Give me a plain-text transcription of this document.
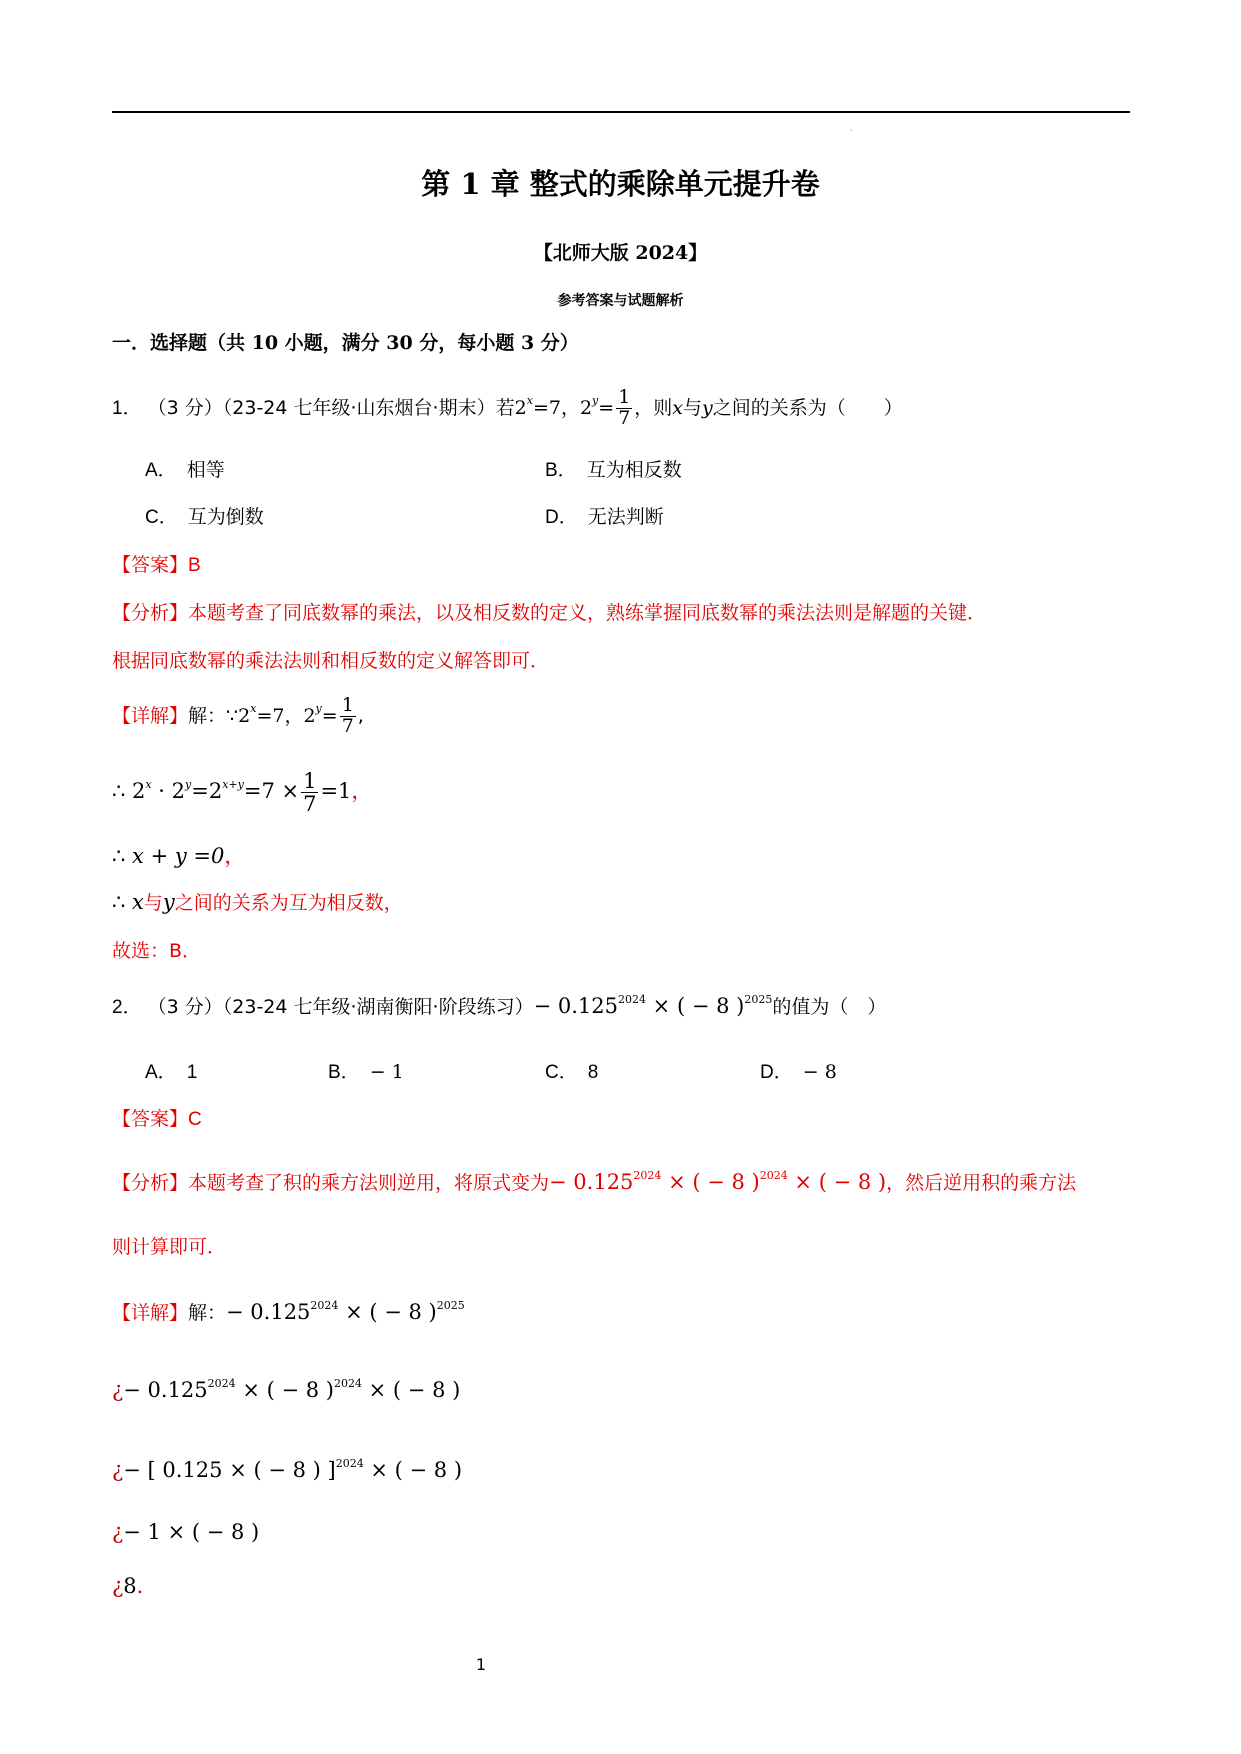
·
第 1 章 整式的乘除单元提升卷
【北师大版 2024】
参考答案与试题解析
一．选择题（共 10 小题，满分 30 分，每小题 3 分）
1． （3 分）（23-24 七年级·山东烟台·期末）若$2^x=7$，$2^y= \frac{1}{7}$ ，则x与y之间的关系为（　　）
A． 相等	B． 互为相反数
C． 互为倒数	D． 无法判断
【答案】B
【分析】本题考查了同底数幂的乘法，以及相反数的定义，熟练掌握同底数幂的乘法法则是解题的关键．
根据同底数幂的乘法法则和相反数的定义解答即可．
【详解】解：$\because 2^x=7$，$2^y= \frac{1}{7}$ ,
∴ $2^x \cdot 2^y=2^{x+y}=7 \times \frac{1}{7} =1$，
∴ x + y =0，
∴ x与y之间的关系为互为相反数，
故选：B．
2． （3 分）（23-24 七年级·湖南衡阳·阶段练习）− $0.125^{2024}$ × ( − 8 )$^{2025}$的值为（　）
A． 1	B． − 1	C． 8	D． − 8
【答案】C
【分析】本题考查了积的乘方法则逆用，将原式变为− $0.125^{2024}$ × ( − 8 )$^{2024}$ × ( − 8 )，然后逆用积的乘方法
则计算即可．
【详解】解：− $0.125^{2024}$ × ( − 8 )$^{2025}$
¿− $0.125^{2024}$ × ( − 8 )$^{2024}$ × ( − 8 )
¿− [ 0.125 × ( − 8 ) ]$^{2024}$ × ( − 8 )
¿− 1 × ( − 8 )
¿8．
1
